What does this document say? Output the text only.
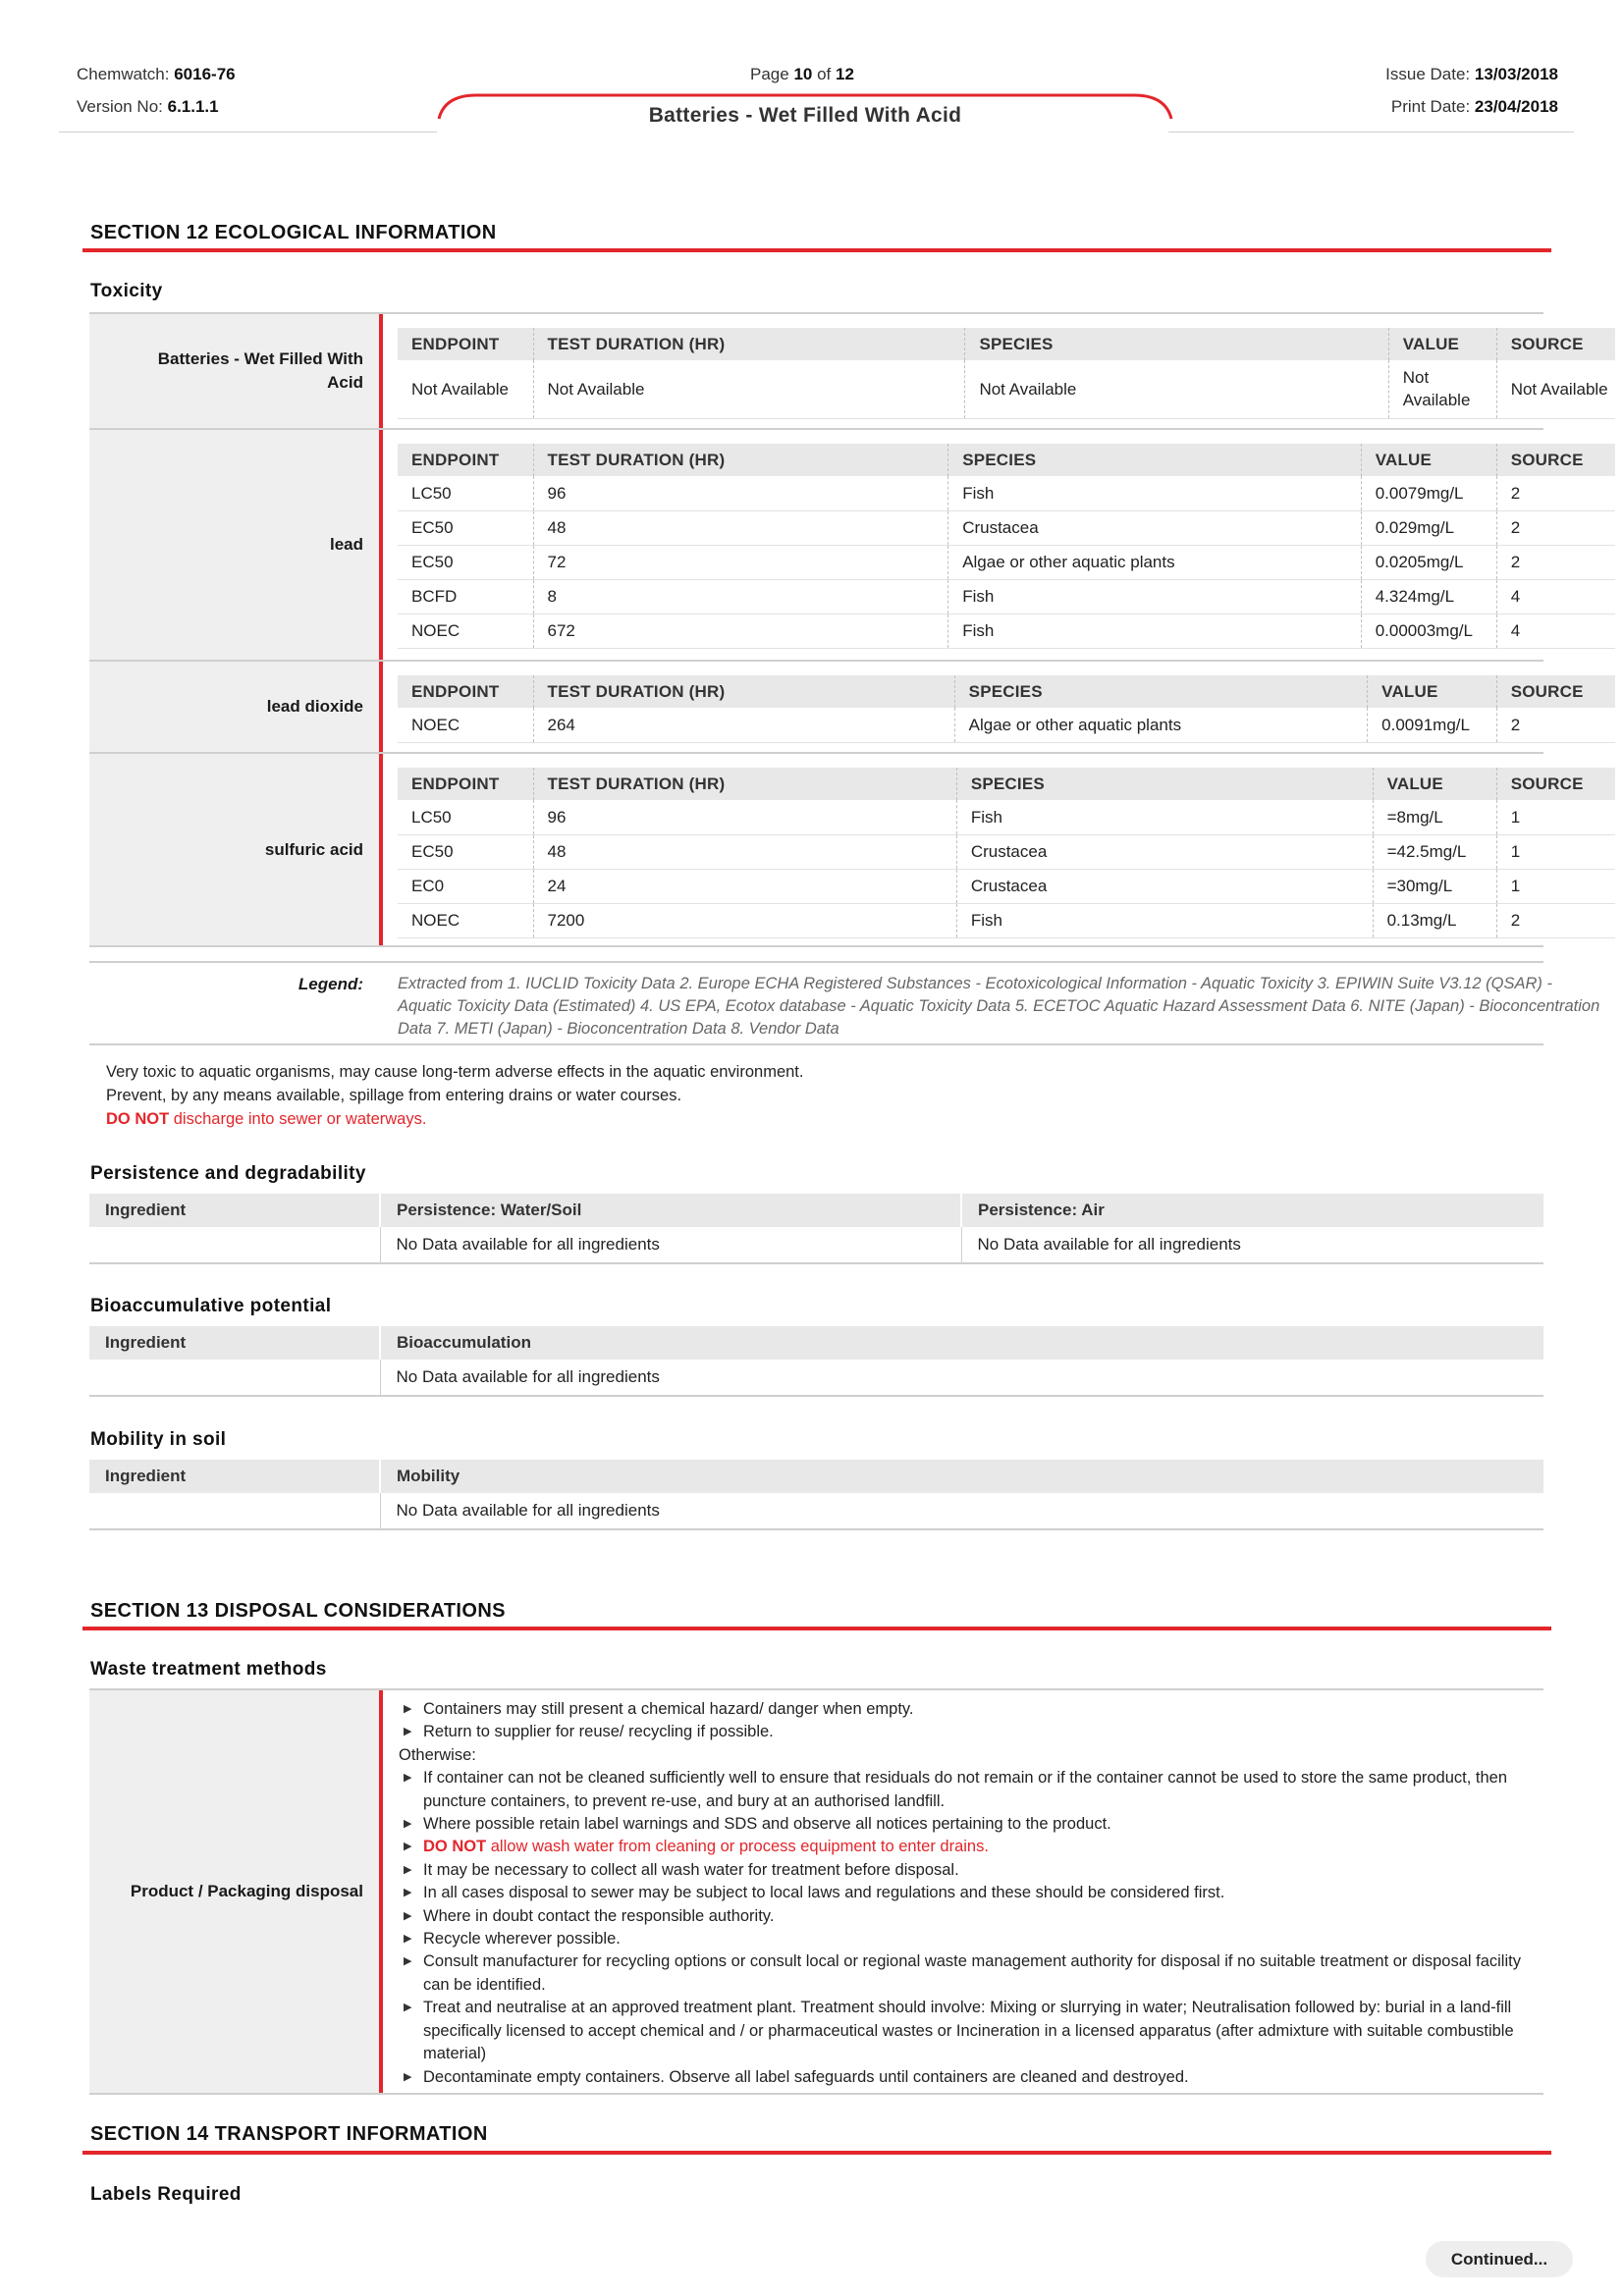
Chemwatch: 6016-76
Version No: 6.1.1.1
Page 10 of 12	Issue Date: 13/03/2018
Print Date: 23/04/2018
Batteries - Wet Filled With Acid
SECTION 12 ECOLOGICAL INFORMATION
Toxicity
Batteries - Wet Filled With Acid
ENDPOINT	TEST DURATION (HR)	SPECIES	VALUE	SOURCE
Not Available	Not Available	Not Available	Not Available	Not Available
lead
ENDPOINT	TEST DURATION (HR)	SPECIES	VALUE	SOURCE
LC50	96	Fish	0.0079mg/L	2
EC50	48	Crustacea	0.029mg/L	2
EC50	72	Algae or other aquatic plants	0.0205mg/L	2
BCFD	8	Fish	4.324mg/L	4
NOEC	672	Fish	0.00003mg/L	4
lead dioxide
ENDPOINT	TEST DURATION (HR)	SPECIES	VALUE	SOURCE
NOEC	264	Algae or other aquatic plants	0.0091mg/L	2
sulfuric acid
ENDPOINT	TEST DURATION (HR)	SPECIES	VALUE	SOURCE
LC50	96	Fish	=8mg/L	1
EC50	48	Crustacea	=42.5mg/L	1
EC0	24	Crustacea	=30mg/L	1
NOEC	7200	Fish	0.13mg/L	2
Legend: Extracted from 1. IUCLID Toxicity Data 2. Europe ECHA Registered Substances - Ecotoxicological Information - Aquatic Toxicity 3. EPIWIN Suite V3.12 (QSAR) - Aquatic Toxicity Data (Estimated) 4. US EPA, Ecotox database - Aquatic Toxicity Data 5. ECETOC Aquatic Hazard Assessment Data 6. NITE (Japan) - Bioconcentration Data 7. METI (Japan) - Bioconcentration Data 8. Vendor Data
Very toxic to aquatic organisms, may cause long-term adverse effects in the aquatic environment.
Prevent, by any means available, spillage from entering drains or water courses.
DO NOT discharge into sewer or waterways.
Persistence and degradability
Ingredient	Persistence: Water/Soil	Persistence: Air
	No Data available for all ingredients	No Data available for all ingredients
Bioaccumulative potential
Ingredient	Bioaccumulation
	No Data available for all ingredients
Mobility in soil
Ingredient	Mobility
	No Data available for all ingredients
SECTION 13 DISPOSAL CONSIDERATIONS
Waste treatment methods
Product / Packaging disposal
▶ Containers may still present a chemical hazard/ danger when empty.
▶ Return to supplier for reuse/ recycling if possible.
Otherwise:
▶ If container can not be cleaned sufficiently well to ensure that residuals do not remain or if the container cannot be used to store the same product, then puncture containers, to prevent re-use, and bury at an authorised landfill.
▶ Where possible retain label warnings and SDS and observe all notices pertaining to the product.
▶ DO NOT allow wash water from cleaning or process equipment to enter drains.
▶ It may be necessary to collect all wash water for treatment before disposal.
▶ In all cases disposal to sewer may be subject to local laws and regulations and these should be considered first.
▶ Where in doubt contact the responsible authority.
▶ Recycle wherever possible.
▶ Consult manufacturer for recycling options or consult local or regional waste management authority for disposal if no suitable treatment or disposal facility can be identified.
▶ Treat and neutralise at an approved treatment plant. Treatment should involve: Mixing or slurrying in water; Neutralisation followed by: burial in a land-fill specifically licensed to accept chemical and / or pharmaceutical wastes or Incineration in a licensed apparatus (after admixture with suitable combustible material)
▶ Decontaminate empty containers. Observe all label safeguards until containers are cleaned and destroyed.
SECTION 14 TRANSPORT INFORMATION
Labels Required
Continued...
